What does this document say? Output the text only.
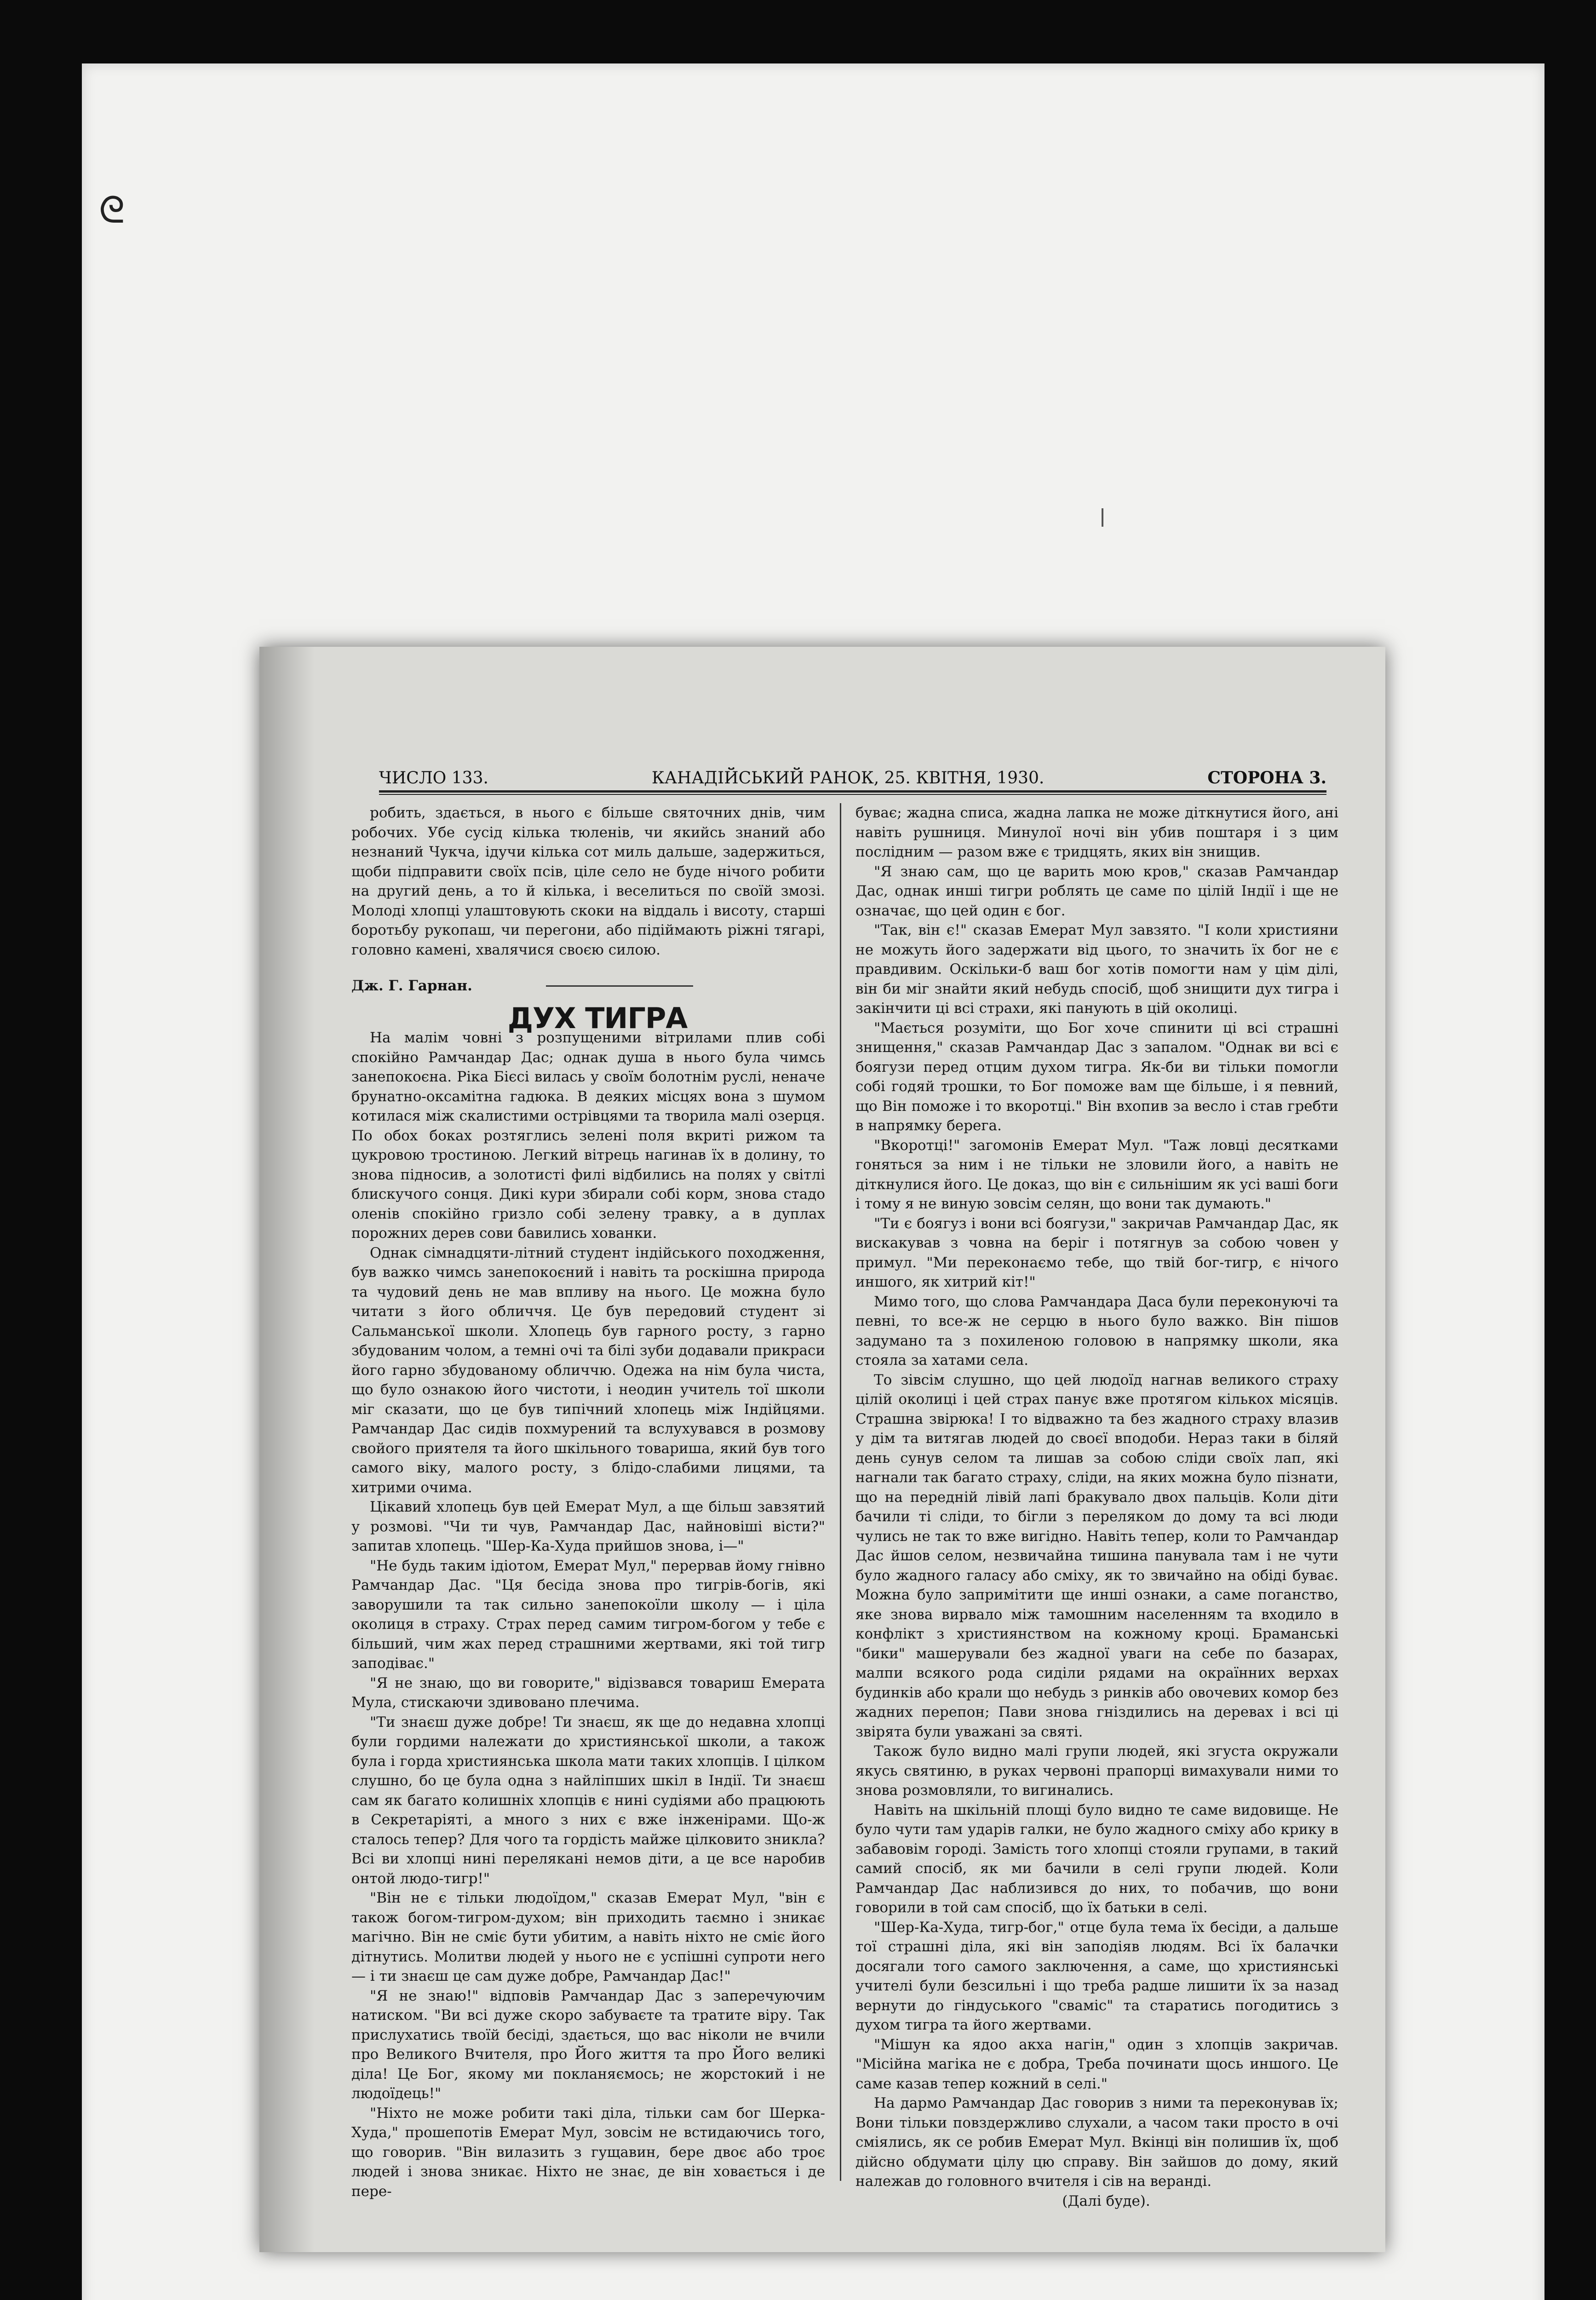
ᘓ
ЧИСЛО 133.	КАНАДІЙСЬКИЙ РАНОК, 25. КВІТНЯ, 1930.	СТОРОНА 3.

робить, здається, в нього є більше святочних днів, чим робочих. Убе сусід кілька тюленів, чи якийсь знаний або незнаний Чукча, ідучи кілька сот миль дальше, задержиться, щоби підправити своїх псів, ціле село не буде нічого робити на другий день, а то й кілька, і веселиться по своїй змозі. Молоді хлопці улаштовують скоки на віддаль і висоту, старші боротьбу рукопаш, чи перегони, або підіймають ріжні тягарі, головно камені, хвалячися своєю силою.

Дж. Г. Гарнан.

ДУХ ТИГРА

На малім човні з розпущеними вітрилами плив собі спокійно Рамчандар Дас; однак душа в нього була чимсь занепокоєна. Ріка Бієсі вилась у своїм болотнім руслі, неначе брунатно-оксамітна гадюка. В деяких місцях вона з шумом котилася між скалистими острівцями та творила малі озерця. По обох боках розтяглись зелені поля вкриті рижом та цукровою тростиною. Легкий вітрець нагинав їх в долину, то знова підносив, а золотисті филі відбились на полях у світлі блискучого сонця. Дикі кури збирали собі корм, знова стадо оленів спокійно гризло собі зелену травку, а в дуплах порожних дерев сови бавились хованки.

Однак сімнадцяти-літний студент індійського походження, був важко чимсь занепокоєний і навіть та роскішна природа та чудовий день не мав впливу на нього. Це можна було читати з його обличчя. Це був передовий студент зі Сальманської школи. Хлопець був гарного росту, з гарно збудованим чолом, а темні очі та білі зуби додавали прикраси його гарно збудованому обличчю. Одежа на нім була чиста, що було ознакою його чистоти, і неодин учитель тої школи міг сказати, що це був типічний хлопець між Індійцями. Рамчандар Дас сидів похмурений та вслухувався в розмову свойого приятеля та його шкільного товариша, який був того самого віку, малого росту, з блідо-слабими лицями, та хитрими очима.

Цікавий хлопець був цей Емерат Мул, а ще більш завзятий у розмові. "Чи ти чув, Рамчандар Дас, найновіші вісти?" запитав хлопець. "Шер-Ка-Худа прийшов знова, і—"

"Не будь таким ідіотом, Емерат Мул," перервав йому гнівно Рамчандар Дас. "Ця бесіда знова про тигрів-богів, які заворушили та так сильно занепокоїли школу — і ціла околиця в страху. Страх перед самим тигром-богом у тебе є більший, чим жах перед страшними жертвами, які той тигр заподіває."

"Я не знаю, що ви говорите," відізвався товариш Емерата Мула, стискаючи здивовано плечима.

"Ти знаєш дуже добре! Ти знаєш, як ще до недавна хлопці були гордими належати до християнської школи, а також була і горда християнська школа мати таких хлопців. І цілком слушно, бо це була одна з найліпших шкіл в Індії. Ти знаєш сам як багато колишніх хлопців є нині судіями або працюють в Секретаріяті, а много з них є вже інженірами. Що-ж сталось тепер? Для чого та гордість майже цілковито зникла? Всі ви хлопці нині переляканi немов діти, а це все наробив онтой людо-тигр!"

"Він не є тільки людоїдом," сказав Емерат Мул, "він є також богом-тигром-духом; він приходить таємно і зникає магічно. Він не сміє бути убитим, а навіть ніхто не сміє його дітнутись. Молитви людей у нього не є успішні супроти него — і ти знаєш це сам дуже добре, Рамчандар Дас!"

"Я не знаю!" відповів Рамчандар Дас з заперечуючим натиском. "Ви всі дуже скоро забуваєте та тратите віру. Так прислухатись твоїй бесіді, здається, що вас ніколи не вчили про Великого Вчителя, про Його життя та про Його великі діла! Це Бог, якому ми покланяємось; не жорстокий і не людоїдець!"

"Ніхто не може робити такі діла, тільки сам бог Шерка-Худа," прошепотів Емерат Мул, зовсім не встидаючись того, що говорив. "Він вилазить з гущавин, бере двоє або троє людей і знова зникає. Ніхто не знає, де він ховається і де пере-

буває; жадна списа, жадна лапка не може діткнутися його, ані навіть рушниця. Минулої ночі він убив поштаря і з цим послідним — разом вже є тридцять, яких він знищив.

"Я знаю сам, що це варить мою кров," сказав Рамчандар Дас, однак инші тигри роблять це саме по цілій Індії і ще не означає, що цей один є бог.

"Так, він є!" сказав Емерат Мул завзято. "І коли християни не можуть його задержати від цього, то значить їх бог не є правдивим. Оскільки-б ваш бог хотів помогти нам у цім ділі, він би міг знайти який небудь спосіб, щоб знищити дух тигра і закінчити ці всі страхи, які панують в цій околиці.

"Мається розуміти, що Бог хоче спинити ці всі страшні знищення," сказав Рамчандар Дас з запалом. "Однак ви всі є боягузи перед отцим духом тигра. Як-би ви тільки помогли собі годяй трошки, то Бог поможе вам ще більше, і я певний, що Він поможе і то вкоротці." Він вхопив за весло і став гребти в напрямку берега.

"Вкоротці!" загомонів Емерат Мул. "Таж ловці десятками гоняться за ним і не тільки не зловили його, а навіть не діткнулися його. Це доказ, що він є сильнішим як усі ваші боги і тому я не виную зовсім селян, що вони так думають."

"Ти є боягуз і вони всі боягузи," закричав Рамчандар Дас, як вискакував з човна на беріг і потягнув за собою човен у примул. "Ми переконаємо тебе, що твій бог-тигр, є нічого иншого, як хитрий кіт!"

Мимо того, що слова Рамчандара Даса були переконуючі та певні, то все-ж не серцю в нього було важко. Він пішов задумано та з похиленою головою в напрямку школи, яка стояла за хатами села.

То зівсім слушно, що цей людоїд нагнав великого страху цілій околиці і цей страх панує вже протягом кількох місяців. Страшна звірюка! І то відважно та без жадного страху влазив у дім та витягав людей до своєї вподоби. Нераз таки в біляй день сунув селом та лишав за собою сліди своїх лап, які нагнали так багато страху, сліди, на яких можна було пізнати, що на передній лівій лапі бракувало двох пальців. Коли діти бачили ті сліди, то бігли з переляком до дому та всі люди чулись не так то вже вигідно. Навіть тепер, коли то Рамчандар Дас йшов селом, незвичайна тишина панувала там і не чути було жадного галасу або сміху, як то звичайно на обіді буває. Можна було запримітити ще инші ознаки, а саме поганство, яке знова вирвало між тамошним населенням та входило в конфлікт з християнством на кожному кроці. Браманські "бики" машерували без жадної уваги на себе по базарах, малпи всякого рода сиділи рядами на окраїнних верхах будинків або крали що небудь з ринків або овочевих комор без жадних перепон; Пави знова гніздились на деревах і всі ці звірята були уважані за святі.

Також було видно малі групи людей, які згуста окружали якусь святиню, в руках червоні прапорці вимахували ними то знова розмовляли, то вигинались.

Навіть на шкільній площі було видно те саме видовище. Не було чути там ударів галки, не було жадного сміху або крику в забавовім городі. Замість того хлопці стояли групами, в такий самий спосіб, як ми бачили в селі групи людей. Коли Рамчандар Дас наблизився до них, то побачив, що вони говорили в той сам спосіб, що їх батьки в селі.

"Шер-Ка-Худа, тигр-бог," отце була тема їх бесіди, а дальше тої страшні діла, які він заподіяв людям. Всі їх балачки досягали того самого заключення, а саме, що християнські учителі були безсильні і що треба радше лишити їх за назад вернути до гіндуського "сваміс" та старатись погодитись з духом тигра та його жертвами.

"Мішун ка ядоо акха нагін," один з хлопців закричав. "Місійна магіка не є добра, Треба починати щось иншого. Це саме казав тепер кожний в селі."

На дармо Рамчандар Дас говорив з ними та переконував їх; Вони тільки повздержливо слухали, а часом таки просто в очі сміялись, як се робив Емерат Мул. Вкінці він полишив їх, щоб дійсно обдумати цілу цю справу. Він зайшов до дому, який належав до головного вчителя і сів на веранді.

(Далі буде).
